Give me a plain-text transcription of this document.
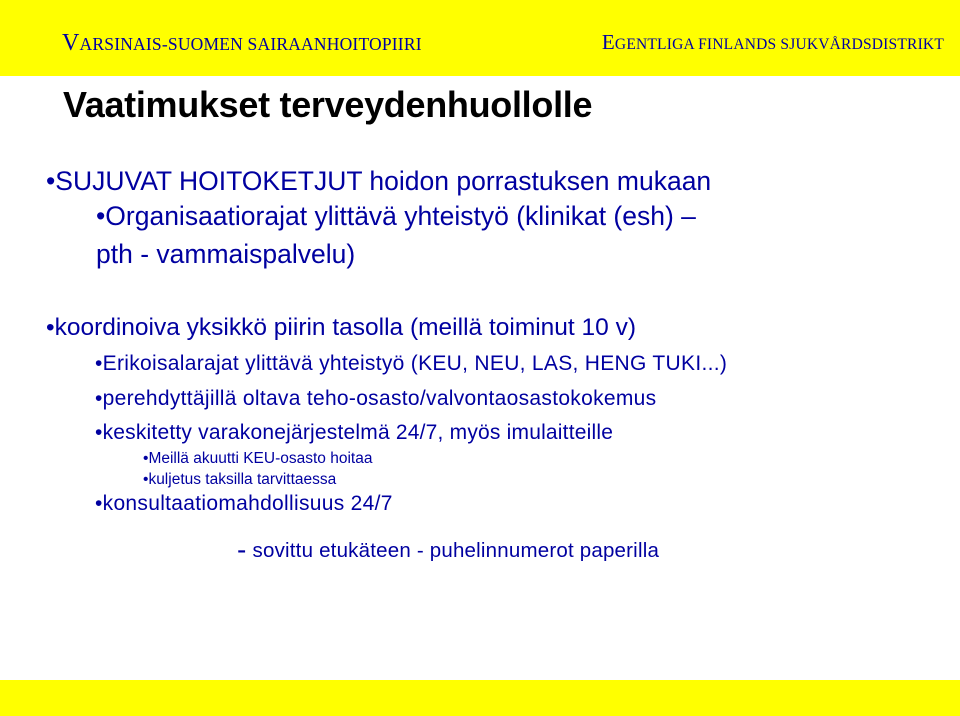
VARSINAIS-SUOMEN SAIRAANHOITOPIIRI	EGENTLIGA FINLANDS SJUKVÅRDSDISTRIKT
Vaatimukset terveydenhuollolle
•SUJUVAT HOITOKETJUT hoidon porrastuksen mukaan
•Organisaatiorajat ylittävä yhteistyö (klinikat (esh) –
pth - vammaispalvelu)
•koordinoiva yksikkö piirin tasolla (meillä toiminut 10 v)
•Erikoisalarajat ylittävä yhteistyö (KEU, NEU, LAS, HENG TUKI...)
•perehdyttäjillä oltava teho-osasto/valvontaosastokokemus
•keskitetty varakonejärjestelmä 24/7, myös imulaitteille
•Meillä akuutti KEU-osasto hoitaa
•kuljetus taksilla tarvittaessa
•konsultaatiomahdollisuus 24/7
- sovittu etukäteen - puhelinnumerot paperilla
